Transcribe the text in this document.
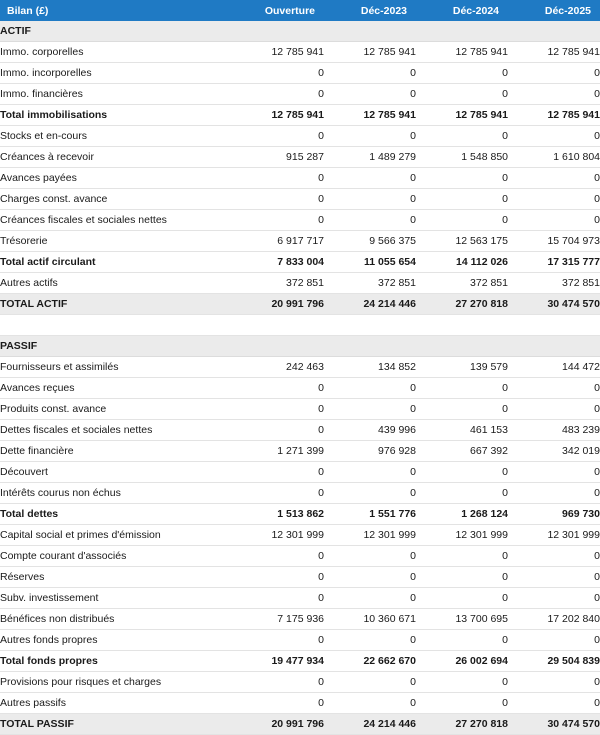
Bilan (£)	Ouverture	Déc-2023	Déc-2024	Déc-2025
ACTIF				
Immo. corporelles	12 785 941	12 785 941	12 785 941	12 785 941
Immo. incorporelles	0	0	0	0
Immo. financières	0	0	0	0
Total immobilisations	12 785 941	12 785 941	12 785 941	12 785 941
Stocks et en-cours	0	0	0	0
Créances à recevoir	915 287	1 489 279	1 548 850	1 610 804
Avances payées	0	0	0	0
Charges const. avance	0	0	0	0
Créances fiscales et sociales nettes	0	0	0	0
Trésorerie	6 917 717	9 566 375	12 563 175	15 704 973
Total actif circulant	7 833 004	11 055 654	14 112 026	17 315 777
Autres actifs	372 851	372 851	372 851	372 851
TOTAL ACTIF	20 991 796	24 214 446	27 270 818	30 474 570

PASSIF				
Fournisseurs et assimilés	242 463	134 852	139 579	144 472
Avances reçues	0	0	0	0
Produits const. avance	0	0	0	0
Dettes fiscales et sociales nettes	0	439 996	461 153	483 239
Dette financière	1 271 399	976 928	667 392	342 019
Découvert	0	0	0	0
Intérêts courus non échus	0	0	0	0
Total dettes	1 513 862	1 551 776	1 268 124	969 730
Capital social et primes d'émission	12 301 999	12 301 999	12 301 999	12 301 999
Compte courant d'associés	0	0	0	0
Réserves	0	0	0	0
Subv. investissement	0	0	0	0
Bénéfices non distribués	7 175 936	10 360 671	13 700 695	17 202 840
Autres fonds propres	0	0	0	0
Total fonds propres	19 477 934	22 662 670	26 002 694	29 504 839
Provisions pour risques et charges	0	0	0	0
Autres passifs	0	0	0	0
TOTAL PASSIF	20 991 796	24 214 446	27 270 818	30 474 570
